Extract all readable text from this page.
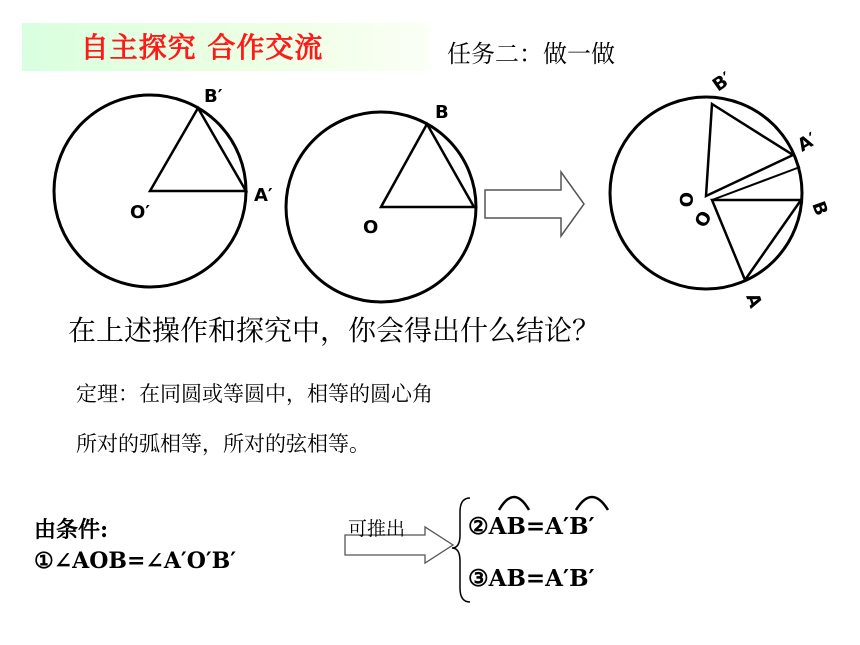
自主探究 合作交流	任务二：做一做
B′
A′
O′
B
O
B′
A′
O
O	B
A
在上述操作和探究中，你会得出什么结论？
定理：在同圆或等圆中，相等的圆心角
所对的弧相等，所对的弦相等。
由条件:
①∠AOB=∠A′O′B′
可推出	②AB=A′B′
③AB=A′B′
